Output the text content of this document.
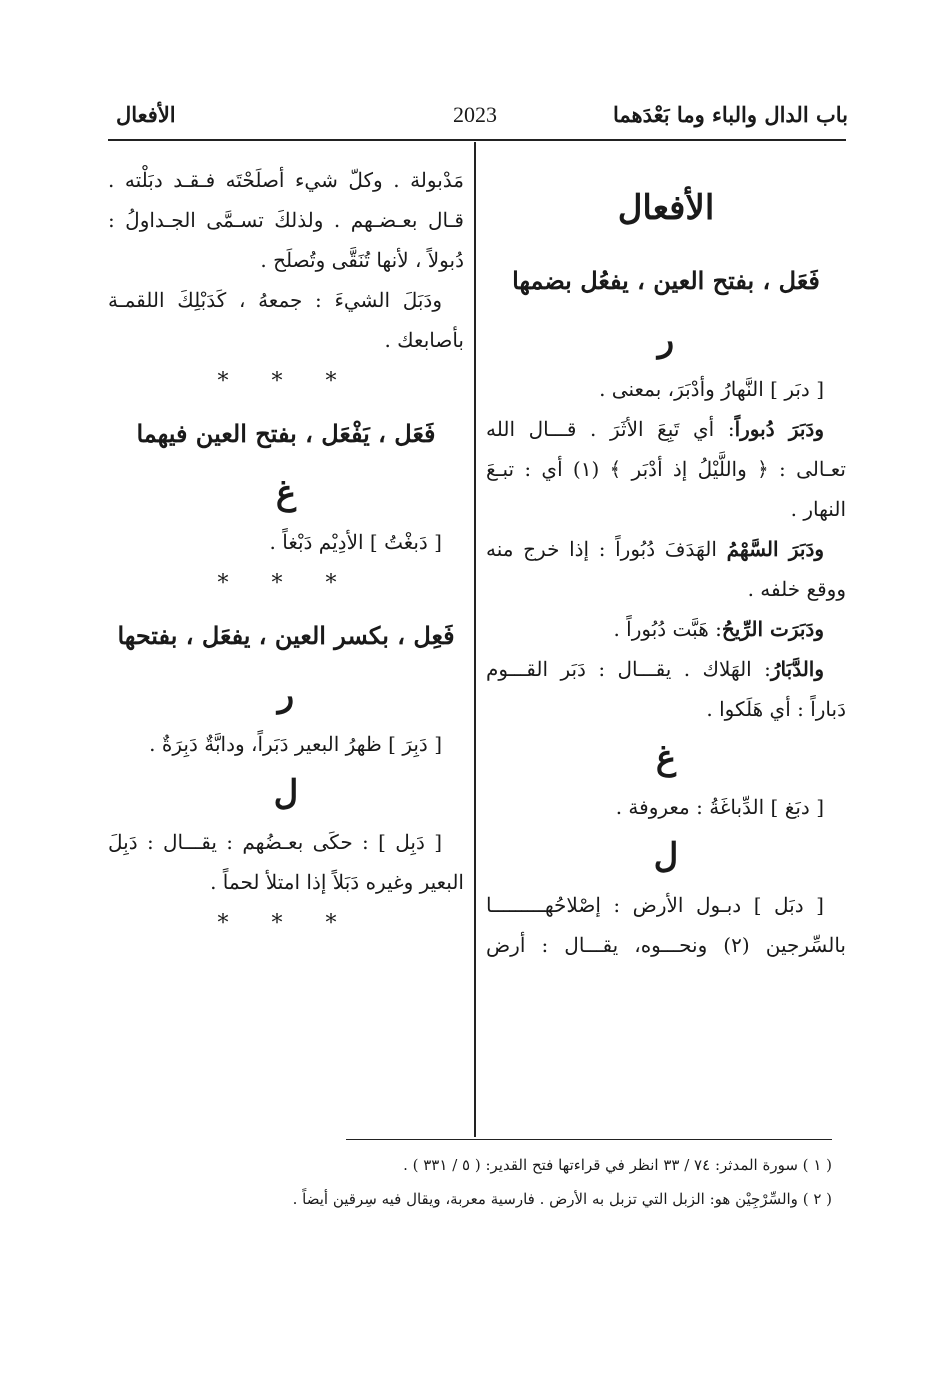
باب الدال والباء وما بَعْدَهما
2023
الأفعال
الأفعال
فَعَل ، بفتح العين ، يفعُل بضمها
ر
[ دبَر ] النَّهارُ وأدْبَرَ، بمعنى .
ودَبَرَ دُبوراً: أي تَبِعَ الأثَرَ . قـــال الله
تعـالى : ﴿ واللَّيْلُ إذ أدْبَر ﴾ (١) أي : تبـعَ
النهار .
ودَبَرَ السَّهْمُ الهَدَفَ دُبُوراً : إذا خرج منه
ووقع خلفه .
ودَبَرَت الرِّيحُ: هَبَّت دُبُوراً .
والدَّبَارُ: الهَلاك . يقـــال : دَبَر القـــوم
دَباراً : أي هَلَكوا .
غ
[ دبَغ ] الدِّباغَةُ : معروفة .
ل
[ دبَل ] دبـول الأرض : إصْلاحُهـــــــــا
بالسِّرجين (٢) ونحـــوه، يقـــال : أرض
مَدْبولة . وكلّ شيء أصلَحْتَه فـقـد دبَلْته .
قـال بعـضـهم . ولذلكَ تسـمَّى الجـداولُ :
دُبولاً ، لأنها تُنَقَّى وتُصلَح .
ودَبَلَ الشيءَ : جمعهُ ، كَدَبْلِكَ اللقمـة
بأصابعك .
* * *
فَعَل ، يَفْعَل ، بفتح العين فيهما
غ
[ دَبغْتُ ] الأدِيْم دَبْغاً .
* * *
فَعِل ، بكسر العين ، يفعَل ، بفتحها
ر
[ دَبِرَ ] ظهرُ البعير دَبَراً، ودابَّةٌ دَبِرَةٌ .
ل
[ دَبِل ] : حكَى بعـضُهم : يقـــال : دَبِلَ
البعير وغيره دَبَلاً إذا امتلأ لحماً .
* * *
( ١ ) سورة المدثر: ٧٤ / ٣٣ انظر في قراءتها فتح القدير: ( ٥ / ٣٣١ ) .
( ٢ ) والسِّرْجِيْن هو: الزبل التي تزبل به الأرض . فارسية معربة، ويقال فيه سِرقين أيضاً .
